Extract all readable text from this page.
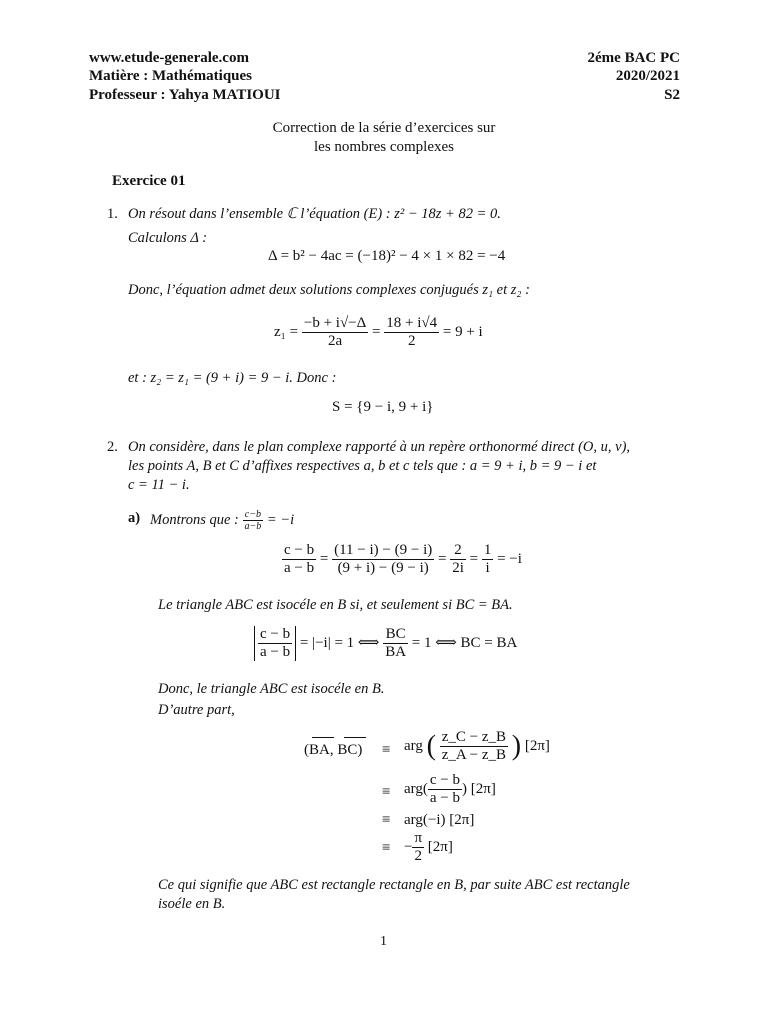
www.etude-generale.com
Matière : Mathématiques
Professeur : Yahya MATIOUI
2éme BAC PC
2020/2021
S2
Correction de la série d’exercices sur
les nombres complexes
Exercice 01
1. On résout dans l’ensemble ℂ l’équation (E) : z² − 18z + 82 = 0.
Calculons Δ :
Δ = b² − 4ac = (−18)² − 4 × 1 × 82 = −4
Donc, l’équation admet deux solutions complexes conjugués z₁ et z₂ :
$z_1 = \frac{-b + i√-\Delta}{2a} = \frac{18 + i√4}{2} = 9 + i$
et : z₂ = z₁ = (9 + i) = 9 − i. Donc :
S = {9 − i, 9 + i}
2. On considère, dans le plan complexe rapporté à un repère orthonormé direct (O, u, v),
les points A, B et C d’affixes respectives a, b et c tels que : a = 9 + i, b = 9 − i et
c = 11 − i.
a) Montrons que : $\frac{c-b}{a-b} = -i$
$\frac{c - b}{a - b} = \frac{(11 - i) - (9 - i)}{(9 + i) - (9 - i)} = \frac{2}{2i} = \frac{1}{i} = -i$
Le triangle ABC est isocéle en B si, et seulement si BC = BA.
$\frac{c - b}{a - b} = |-i| = 1$ ⟺ $\frac{BC}{BA} = 1$ ⟺ BC = BA
Donc, le triangle ABC est isocéle en B.
D’autre part,
(BA, BC) ≡ arg ( $\frac{z\_C - z\_B}{z\_A - z\_B}$ ) [2π]
≡ $arg( \frac{c - b}{a - b}$ ) [2π]
≡ arg(−i) [2π]
≡ − $\frac{\pi}{2} [2\pi]$
Ce qui signifie que ABC est rectangle rectangle en B, par suite ABC est rectangle
isoéle en B.
1
